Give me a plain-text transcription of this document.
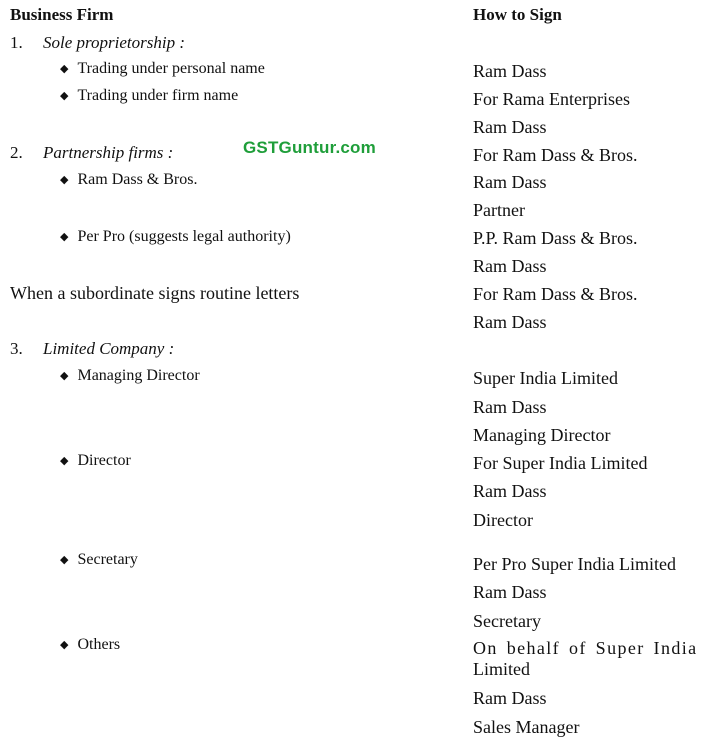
Business Firm	How to Sign
GSTGuntur.com
1. Sole proprietorship :
◆ Trading under personal name
◆ Trading under firm name
2. Partnership firms :
◆ Ram Dass & Bros.
◆ Per Pro (suggests legal authority)
When a subordinate signs routine letters
3. Limited Company :
◆ Managing Director
◆ Director
◆ Secretary
◆ Others
Ram Dass
For Rama Enterprises
Ram Dass
For Ram Dass & Bros.
Ram Dass
Partner
P.P. Ram Dass & Bros.
Ram Dass
For Ram Dass & Bros.
Ram Dass
Super India Limited
Ram Dass
Managing Director
For Super India Limited
Ram Dass
Director
Per Pro Super India Limited
Ram Dass
Secretary
On behalf of Super India
Limited
Ram Dass
Sales Manager
